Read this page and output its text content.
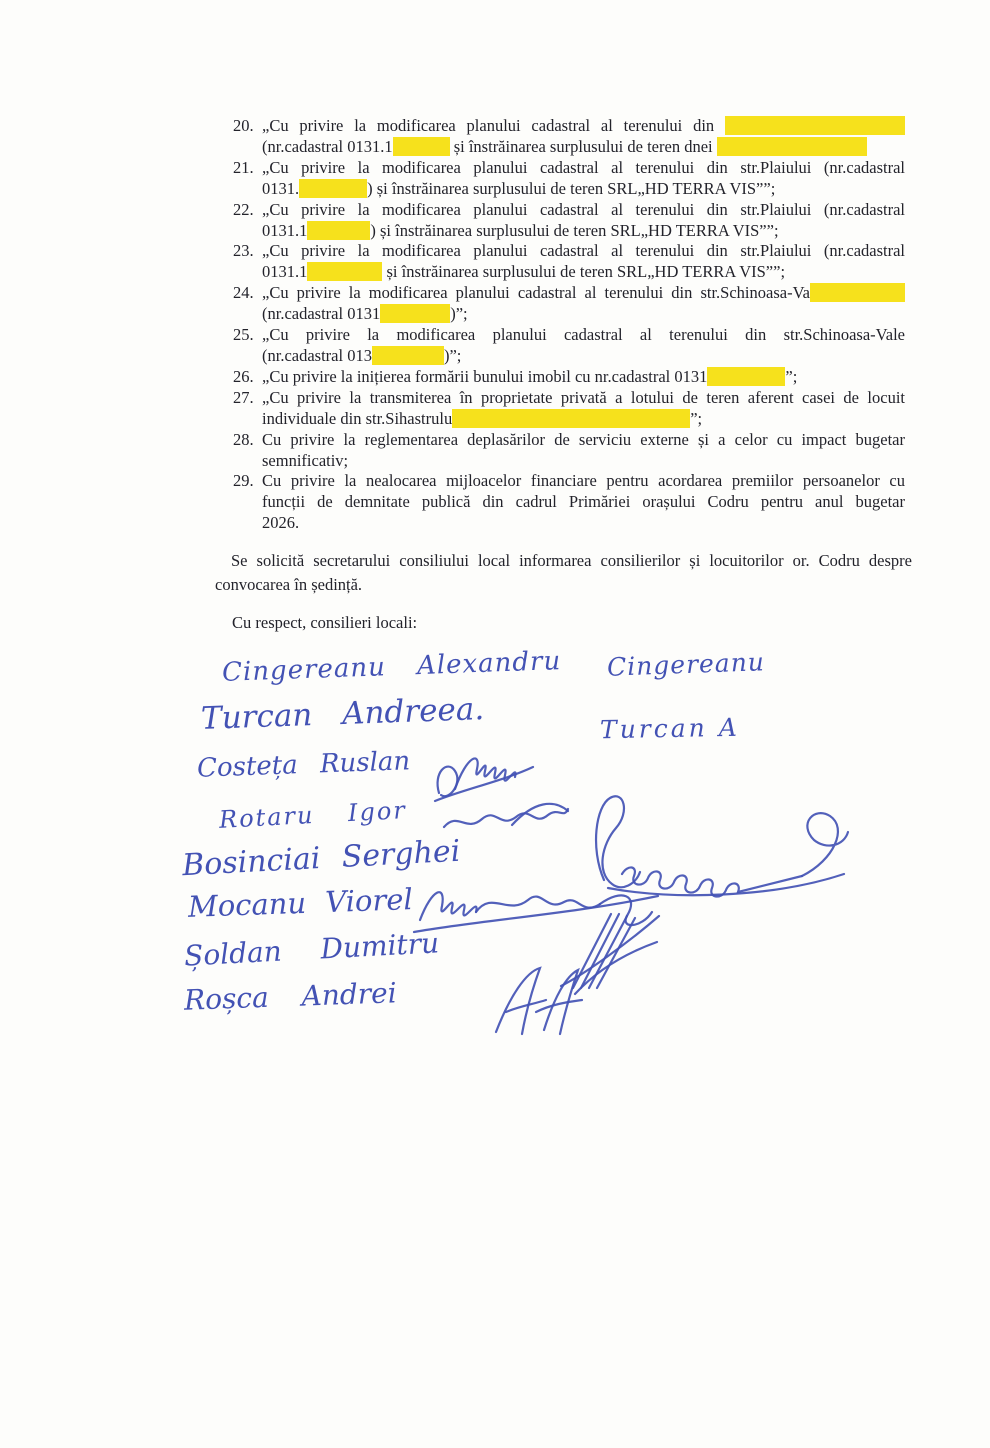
20. „Cu privire la modificarea planului cadastral al terenului din
(nr.cadastral 0131.1	și înstrăinarea surplusului de teren dnei
21. „Cu privire la modificarea planului cadastral al terenului din str.Plaiului (nr.cadastral
0131.	) și înstrăinarea surplusului de teren SRL„HD TERRA VIS””;
22. „Cu privire la modificarea planului cadastral al terenului din str.Plaiului (nr.cadastral
0131.1	) și înstrăinarea surplusului de teren SRL„HD TERRA VIS””;
23. „Cu privire la modificarea planului cadastral al terenului din str.Plaiului (nr.cadastral
0131.1	și înstrăinarea surplusului de teren SRL„HD TERRA VIS””;
24. „Cu privire la modificarea planului cadastral al terenului din str.Schinoasa-Va
(nr.cadastral 0131	)”;
25. „Cu privire la modificarea planului cadastral al terenului din str.Schinoasa-Vale
(nr.cadastral 013	)”;
26. „Cu privire la inițierea formării bunului imobil cu nr.cadastral 0131	”;
27. „Cu privire la transmiterea în proprietate privată a lotului de teren aferent casei de locuit
individuale din str.Sihastrulu	”;
28. Cu privire la reglementarea deplasărilor de serviciu externe și a celor cu impact bugetar
semnificativ;
29. Cu privire la nealocarea mijloacelor financiare pentru acordarea premiilor persoanelor cu
funcții de demnitate publică din cadrul Primăriei orașului Codru pentru anul bugetar
2026.
Se solicită secretarului consiliului local informarea consilierilor și locuitorilor or. Codru despre convocarea în ședință.
Cu respect, consilieri locali:
Cingereanu Alexandru Cingereanu
Turcan Andreea.	Turcan A
Costeța Ruslan
Rotaru Igor
Bosinciai Serghei
Mocanu Viorel
Șoldan Dumitru
Roșca Andrei
